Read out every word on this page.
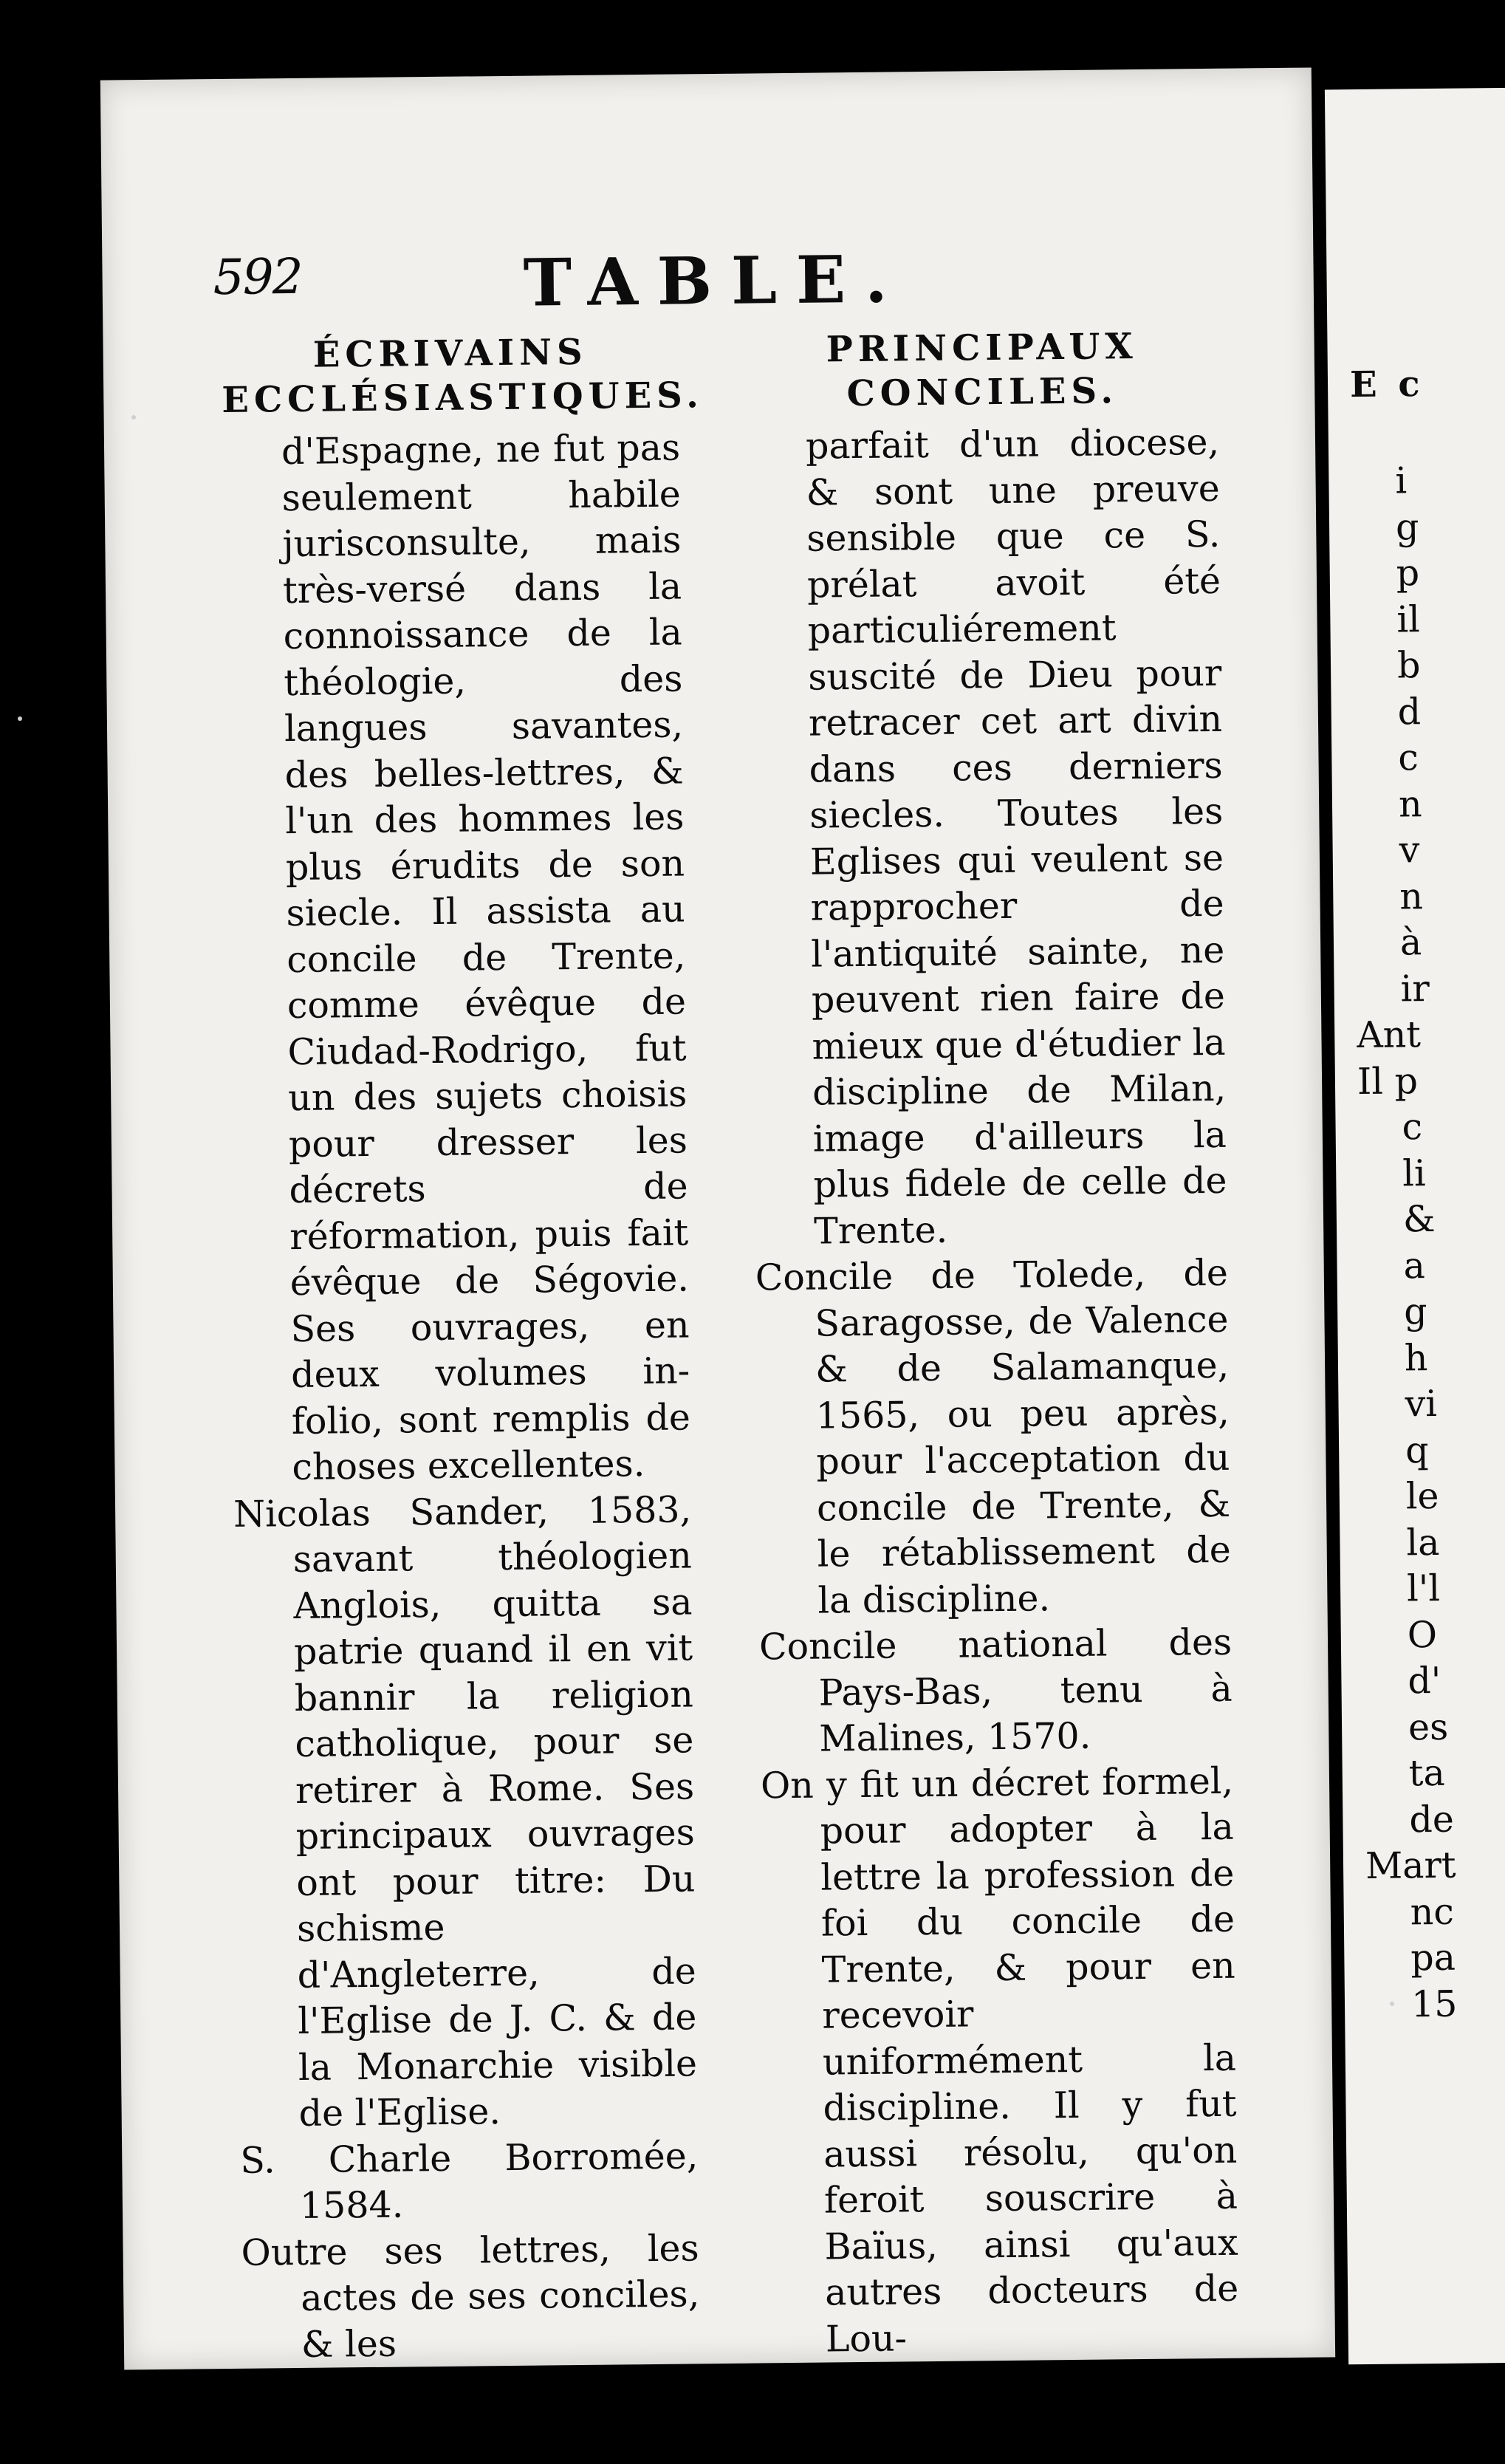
592	TABLE.
ÉCRIVAINS ECCLÉSIASTIQUES.
d'Espagne, ne fut pas seulement habile jurisconsulte, mais très-versé dans la connoissance de la théologie, des langues savantes, des belles-lettres, & l'un des hommes les plus érudits de son siecle. Il assista au concile de Trente, comme évêque de Ciudad-Rodrigo, fut un des sujets choisis pour dresser les décrets de réformation, puis fait évêque de Ségovie. Ses ouvrages, en deux volumes in-folio, sont remplis de choses excellentes.
Nicolas Sander, 1583, savant théologien Anglois, quitta sa patrie quand il en vit bannir la religion catholique, pour se retirer à Rome. Ses principaux ouvrages ont pour titre: Du schisme d'Angleterre, de l'Eglise de J. C. & de la Monarchie visible de l'Eglise.
S. Charle Borromée, 1584.
Outre ses lettres, les actes de ses conciles, & les
PRINCIPAUX CONCILES.
parfait d'un diocese, & sont une preuve sensible que ce S. prélat avoit été particuliérement suscité de Dieu pour retracer cet art divin dans ces derniers siecles. Toutes les Eglises qui veulent se rapprocher de l'antiquité sainte, ne peuvent rien faire de mieux que d'étudier la discipline de Milan, image d'ailleurs la plus fidele de celle de Trente.
Concile de Tolede, de Saragosse, de Valence & de Salamanque, 1565, ou peu après, pour l'acceptation du concile de Trente, & le rétablissement de la discipline.
Concile national des Pays-Bas, tenu à Malines, 1570.
On y fit un décret formel, pour adopter à la lettre la profession de foi du concile de Trente, & pour en recevoir uniformément la discipline. Il y fut aussi résolu, qu'on feroit souscrire à Baïus, ainsi qu'aux autres docteurs de Lou-
E c
i
g
p
il
b
d
c
n
v
n
à
ir
Ant
Il p
c
li
&
a
g
h
vi
q
le
la
l'l
O
d'
es
ta
de
Mart
nc
pa
15
